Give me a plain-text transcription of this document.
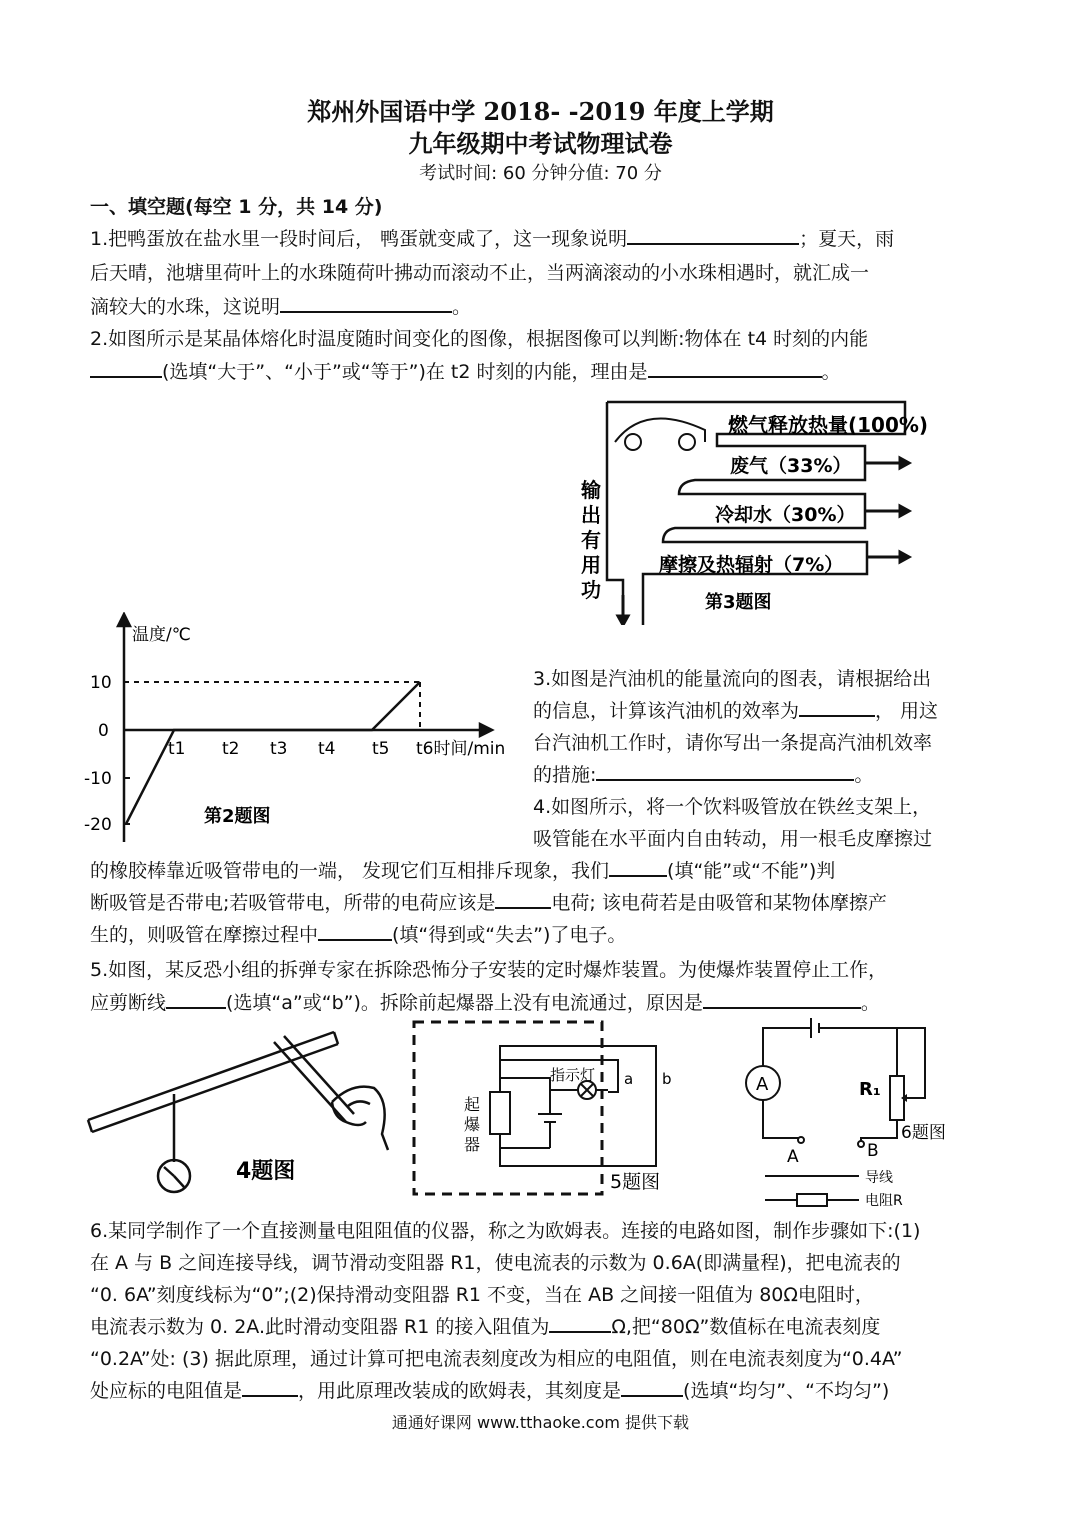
郑州外国语中学 2018- -2019 年度上学期
九年级期中考试物理试卷
考试时间: 60 分钟分值: 70 分
一、填空题(每空 1 分，共 14 分)
1.把鸭蛋放在盐水里一段时间后， 鸭蛋就变咸了，这一现象说明	；夏天，雨
后天晴，池塘里荷叶上的水珠随荷叶拂动而滚动不止，当两滴滚动的小水珠相遇时，就汇成一
滴较大的水珠，这说明	。
2.如图所示是某晶体熔化时温度随时间变化的图像，根据图像可以判断:物体在 t4 时刻的内能
(选填“大于”、“小于”或“等于”)在 t2 时刻的内能，理由是	。
燃气释放热量(100%)
废气（33%）
冷却水（30%）
摩擦及热辐射（7%）
输
出
有
用
功
第3题图
温度/℃
10
0
-10
-20
t1 t2 t3 t4 t5 t6时间/min
第2题图
3.如图是汽油机的能量流向的图表，请根据给出
的信息，计算该汽油机的效率为	， 用这
台汽油机工作时，请你写出一条提高汽油机效率
的措施:	。
4.如图所示，将一个饮料吸管放在铁丝支架上，
吸管能在水平面内自由转动，用一根毛皮摩擦过
的橡胶棒靠近吸管带电的一端， 发现它们互相排斥现象，我们	(填“能”或“不能”)判
断吸管是否带电;若吸管带电，所带的电荷应该是	电荷; 该电荷若是由吸管和某物体摩擦产
生的，则吸管在摩擦过程中	(填“得到或“失去”)了电子。
5.如图，某反恐小组的拆弹专家在拆除恐怖分子安装的定时爆炸装置。为使爆炸装置停止工作，
应剪断线	(选填“a”或“b”)。拆除前起爆器上没有电流通过，原因是	。
4题图
指示灯 a b
起
爆
器
5题图
A	R₁
A	B
6题图
导线
电阻R
6.某同学制作了一个直接测量电阻阻值的仪器，称之为欧姆表。连接的电路如图，制作步骤如下:(1)
在 A 与 B 之间连接导线，调节滑动变阻器 R1，使电流表的示数为 0.6A(即满量程)，把电流表的
“0. 6A”刻度线标为“0”;(2)保持滑动变阻器 R1 不变，当在 AB 之间接一阻值为 80Ω电阻时，
电流表示数为 0. 2A.此时滑动变阻器 R1 的接入阻值为	Ω,把“80Ω”数值标在电流表刻度
“0.2A”处: (3) 据此原理，通过计算可把电流表刻度改为相应的电阻值，则在电流表刻度为“0.4A”
处应标的电阻值是	，用此原理改装成的欧姆表，其刻度是	(选填“均匀”、“不均匀”)
通通好课网 www.tthaoke.com 提供下载
